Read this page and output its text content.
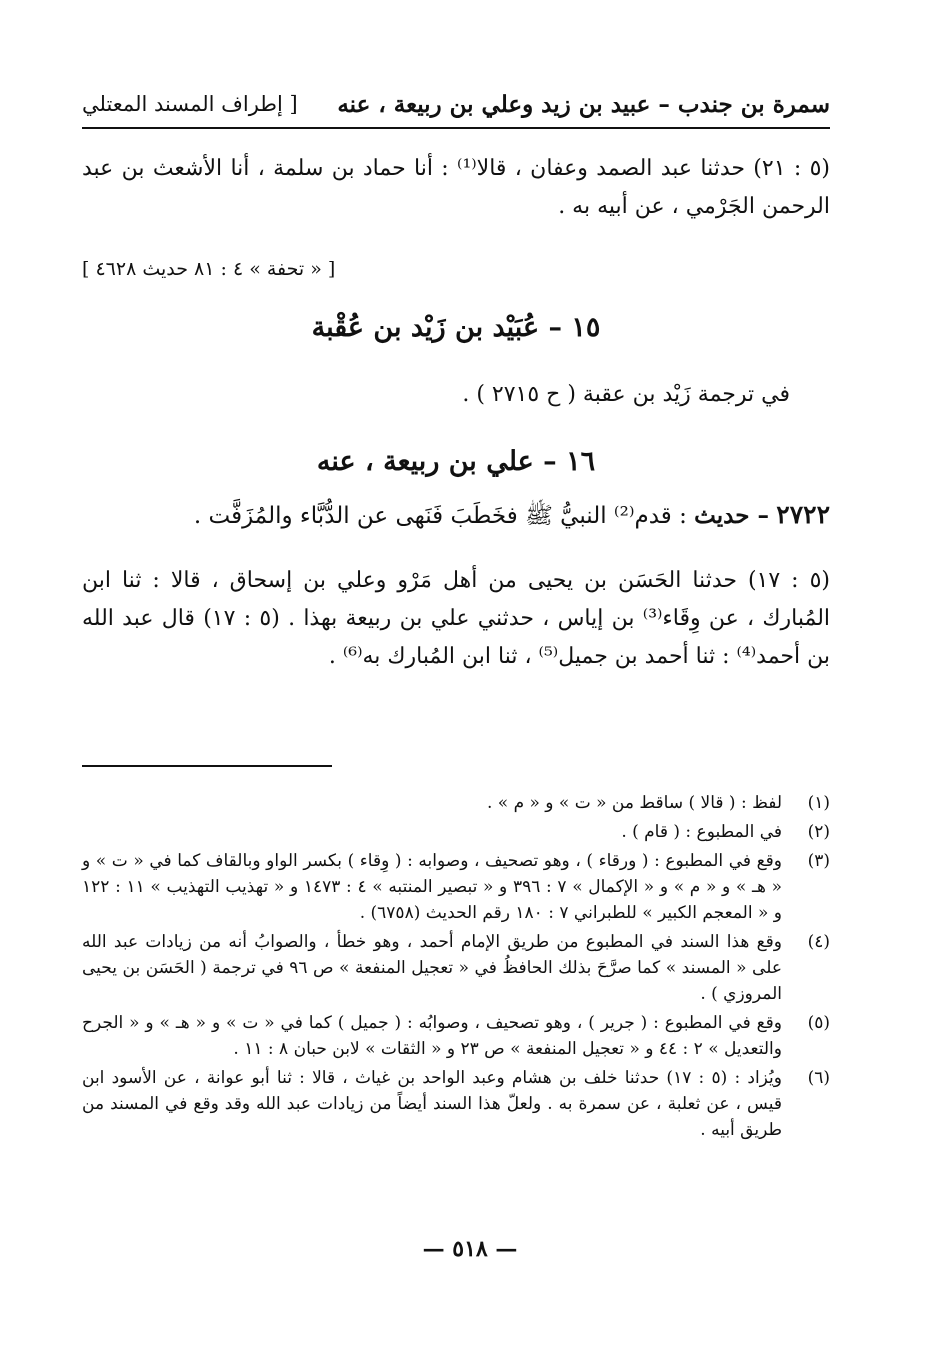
سمرة بن جندب – عبيد بن زيد وعلي بن ربيعة ، عنه
[ إطراف المسند المعتلي
(٥ : ٢١) حدثنا عبد الصمد وعفان ، قالا⁽¹⁾ : أنا حماد بن سلمة ، أنا الأشعث بن عبد الرحمن الجَرْمي ، عن أبيه به .
[ « تحفة » ٤ : ٨١ حديث ٤٦٢٨ ]
١٥ – عُبَيْد بن زَيْد بن عُقْبة
في ترجمة زَيْد بن عقبة ( ح ٢٧١٥ ) .
١٦ – علي بن ربيعة ، عنه
٢٧٢٢ – حديث : قدم⁽²⁾ النبيُّ ﷺ فخَطَبَ فَنَهى عن الدُّبَّاء والمُزَفَّت .
(٥ : ١٧) حدثنا الحَسَن بن يحيى من أهل مَرْو وعلي بن إسحاق ، قالا : ثنا ابن المُبارك ، عن وِقَاء⁽³⁾ بن إياس ، حدثني علي بن ربيعة بهذا . (٥ : ١٧) قال عبد الله بن أحمد⁽⁴⁾ : ثنا أحمد بن جميل⁽⁵⁾ ، ثنا ابن المُبارك به⁽⁶⁾ .
(١)
لفظ : ( قالا ) ساقط من « ت » و « م » .
(٢)
في المطبوع : ( قام ) .
(٣)
وقع في المطبوع : ( ورقاء ) ، وهو تصحيف ، وصوابه : ( وِقاء ) بكسر الواو وبالقاف كما في « ت » و « هـ » و « م » و « الإكمال » ٧ : ٣٩٦ و « تبصير المنتبه » ٤ : ١٤٧٣ و « تهذيب التهذيب » ١١ : ١٢٢ و « المعجم الكبير » للطبراني ٧ : ١٨٠ رقم الحديث (٦٧٥٨) .
(٤)
وقع هذا السند في المطبوع من طريق الإمام أحمد ، وهو خطأ ، والصوابُ أنه من زيادات عبد الله على « المسند » كما صرَّحَ بذلك الحافظُ في « تعجيل المنفعة » ص ٩٦ في ترجمة ( الحَسَن بن يحيى المروزي ) .
(٥)
وقع في المطبوع : ( جرير ) ، وهو تصحيف ، وصوابُه : ( جميل ) كما في « ت » و « هـ » و « الجرح والتعديل » ٢ : ٤٤ و « تعجيل المنفعة » ص ٢٣ و « الثقات » لابن حبان ٨ : ١١ .
(٦)
ويُزاد : (٥ : ١٧) حدثنا خلف بن هشام وعبد الواحد بن غياث ، قالا : ثنا أبو عوانة ، عن الأسود ابن قيس ، عن ثعلبة ، عن سمرة به . ولعلّ هذا السند أيضاً من زيادات عبد الله وقد وقع في المسند من طريق أبيه .
— ٥١٨ —
